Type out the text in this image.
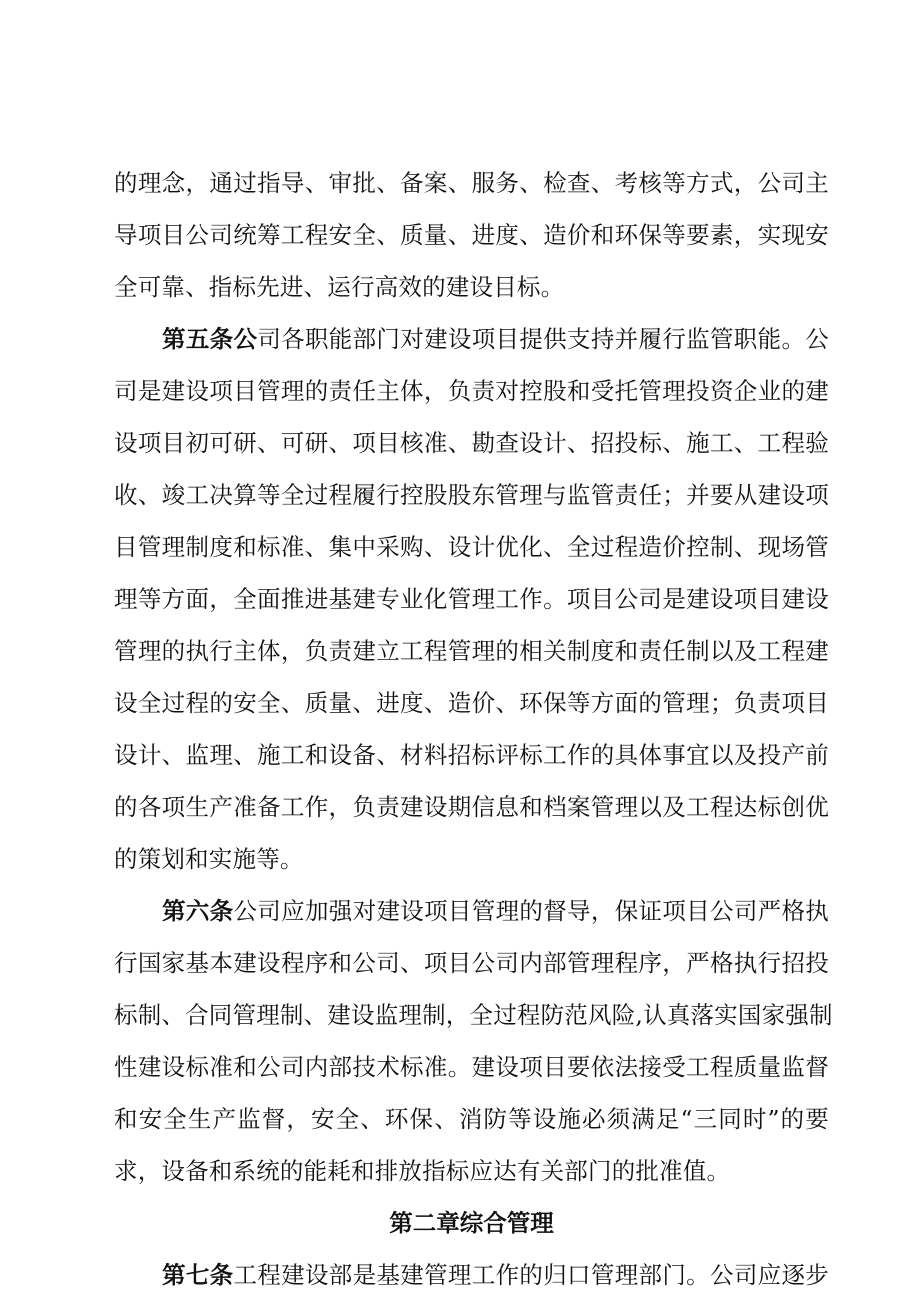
的理念，通过指导、审批、备案、服务、检查、考核等方式，公司主
导项目公司统筹工程安全、质量、进度、造价和环保等要素，实现安
全可靠、指标先进、运行高效的建设目标。
第五条公司各职能部门对建设项目提供支持并履行监管职能。公
司是建设项目管理的责任主体，负责对控股和受托管理投资企业的建
设项目初可研、可研、项目核准、勘查设计、招投标、施工、工程验
收、竣工决算等全过程履行控股股东管理与监管责任；并要从建设项
目管理制度和标准、集中采购、设计优化、全过程造价控制、现场管
理等方面，全面推进基建专业化管理工作。项目公司是建设项目建设
管理的执行主体，负责建立工程管理的相关制度和责任制以及工程建
设全过程的安全、质量、进度、造价、环保等方面的管理；负责项目
设计、监理、施工和设备、材料招标评标工作的具体事宜以及投产前
的各项生产准备工作，负责建设期信息和档案管理以及工程达标创优
的策划和实施等。
第六条公司应加强对建设项目管理的督导，保证项目公司严格执
行国家基本建设程序和公司、项目公司内部管理程序，严格执行招投
标制、合同管理制、建设监理制，全过程防范风险,认真落实国家强制
性建设标准和公司内部技术标准。建设项目要依法接受工程质量监督
和安全生产监督，安全、环保、消防等设施必须满足“三同时”的要
求，设备和系统的能耗和排放指标应达有关部门的批准值。
第二章综合管理
第七条工程建设部是基建管理工作的归口管理部门。公司应逐步
